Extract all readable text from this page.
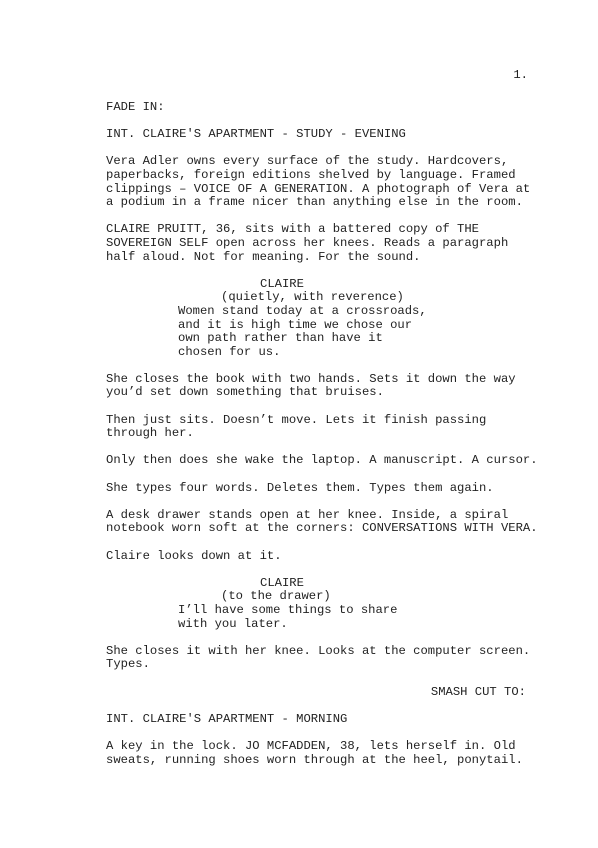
1.

FADE IN:

INT. CLAIRE'S APARTMENT - STUDY - EVENING

Vera Adler owns every surface of the study. Hardcovers,
paperbacks, foreign editions shelved by language. Framed
clippings – VOICE OF A GENERATION. A photograph of Vera at
a podium in a frame nicer than anything else in the room.

CLAIRE PRUITT, 36, sits with a battered copy of THE
SOVEREIGN SELF open across her knees. Reads a paragraph
half aloud. Not for meaning. For the sound.

CLAIRE

(quietly, with reverence)

Women stand today at a crossroads,
and it is high time we chose our
own path rather than have it
chosen for us.

She closes the book with two hands. Sets it down the way
you’d set down something that bruises.

Then just sits. Doesn’t move. Lets it finish passing
through her.

Only then does she wake the laptop. A manuscript. A cursor.

She types four words. Deletes them. Types them again.

A desk drawer stands open at her knee. Inside, a spiral
notebook worn soft at the corners: CONVERSATIONS WITH VERA.

Claire looks down at it.

CLAIRE

(to the drawer)

I’ll have some things to share
with you later.

She closes it with her knee. Looks at the computer screen.
Types.

SMASH CUT TO:

INT. CLAIRE'S APARTMENT - MORNING

A key in the lock. JO MCFADDEN, 38, lets herself in. Old
sweats, running shoes worn through at the heel, ponytail.
